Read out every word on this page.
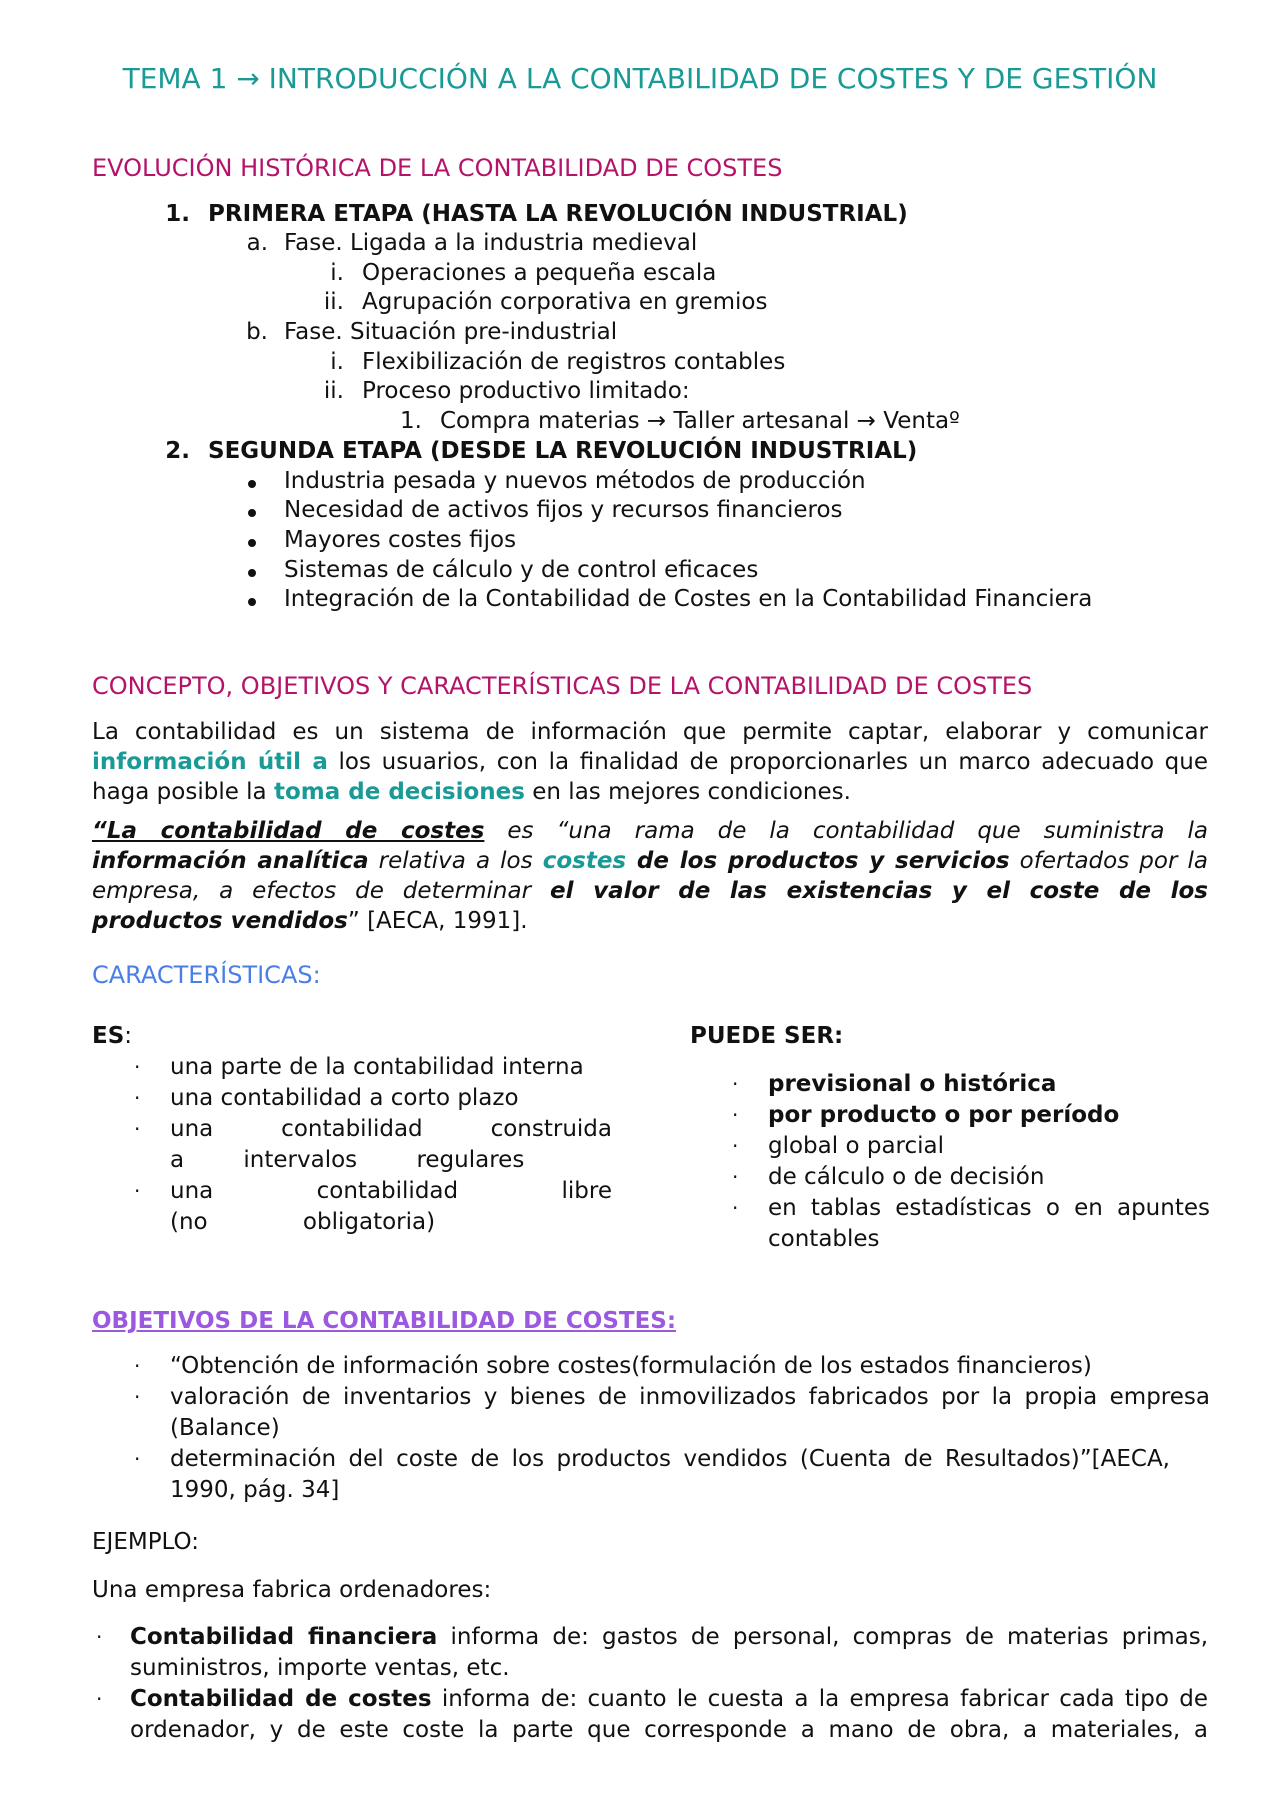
TEMA 1 → INTRODUCCIÓN A LA CONTABILIDAD DE COSTES Y DE GESTIÓN
EVOLUCIÓN HISTÓRICA DE LA CONTABILIDAD DE COSTES
1. PRIMERA ETAPA (HASTA LA REVOLUCIÓN INDUSTRIAL)
a. Fase. Ligada a la industria medieval
i. Operaciones a pequeña escala
ii. Agrupación corporativa en gremios
b. Fase. Situación pre-industrial
i. Flexibilización de registros contables
ii. Proceso productivo limitado:
1. Compra materias → Taller artesanal → Ventaº
2. SEGUNDA ETAPA (DESDE LA REVOLUCIÓN INDUSTRIAL)
Industria pesada y nuevos métodos de producción
Necesidad de activos fijos y recursos financieros
Mayores costes fijos
Sistemas de cálculo y de control eficaces
Integración de la Contabilidad de Costes en la Contabilidad Financiera
CONCEPTO, OBJETIVOS Y CARACTERÍSTICAS DE LA CONTABILIDAD DE COSTES
La contabilidad es un sistema de información que permite captar, elaborar y comunicar
información útil a los usuarios, con la finalidad de proporcionarles un marco adecuado que
haga posible la toma de decisiones en las mejores condiciones.
“La contabilidad de costes es “una rama de la contabilidad que suministra la
información analítica relativa a los costes de los productos y servicios ofertados por la
empresa, a efectos de determinar el valor de las existencias y el coste de los
productos vendidos” [AECA, 1991].
CARACTERÍSTICAS:
ES:
· una parte de la contabilidad interna
· una contabilidad a corto plazo
· una contabilidad construida a intervalos regulares
· una contabilidad libre (no obligatoria)
PUEDE SER:
· previsional o histórica
· por producto o por período
· global o parcial
· de cálculo o de decisión
· en tablas estadísticas o en apuntes contables
OBJETIVOS DE LA CONTABILIDAD DE COSTES:
· “Obtención de información sobre costes(formulación de los estados financieros)
· valoración de inventarios y bienes de inmovilizados fabricados por la propia empresa (Balance)
· determinación del coste de los productos vendidos (Cuenta de Resultados)”[AECA, 1990, pág. 34]
EJEMPLO:
Una empresa fabrica ordenadores:
· Contabilidad financiera informa de: gastos de personal, compras de materias primas, suministros, importe ventas, etc.
· Contabilidad de costes informa de: cuanto le cuesta a la empresa fabricar cada tipo de ordenador, y de este coste la parte que corresponde a mano de obra, a materiales, a
